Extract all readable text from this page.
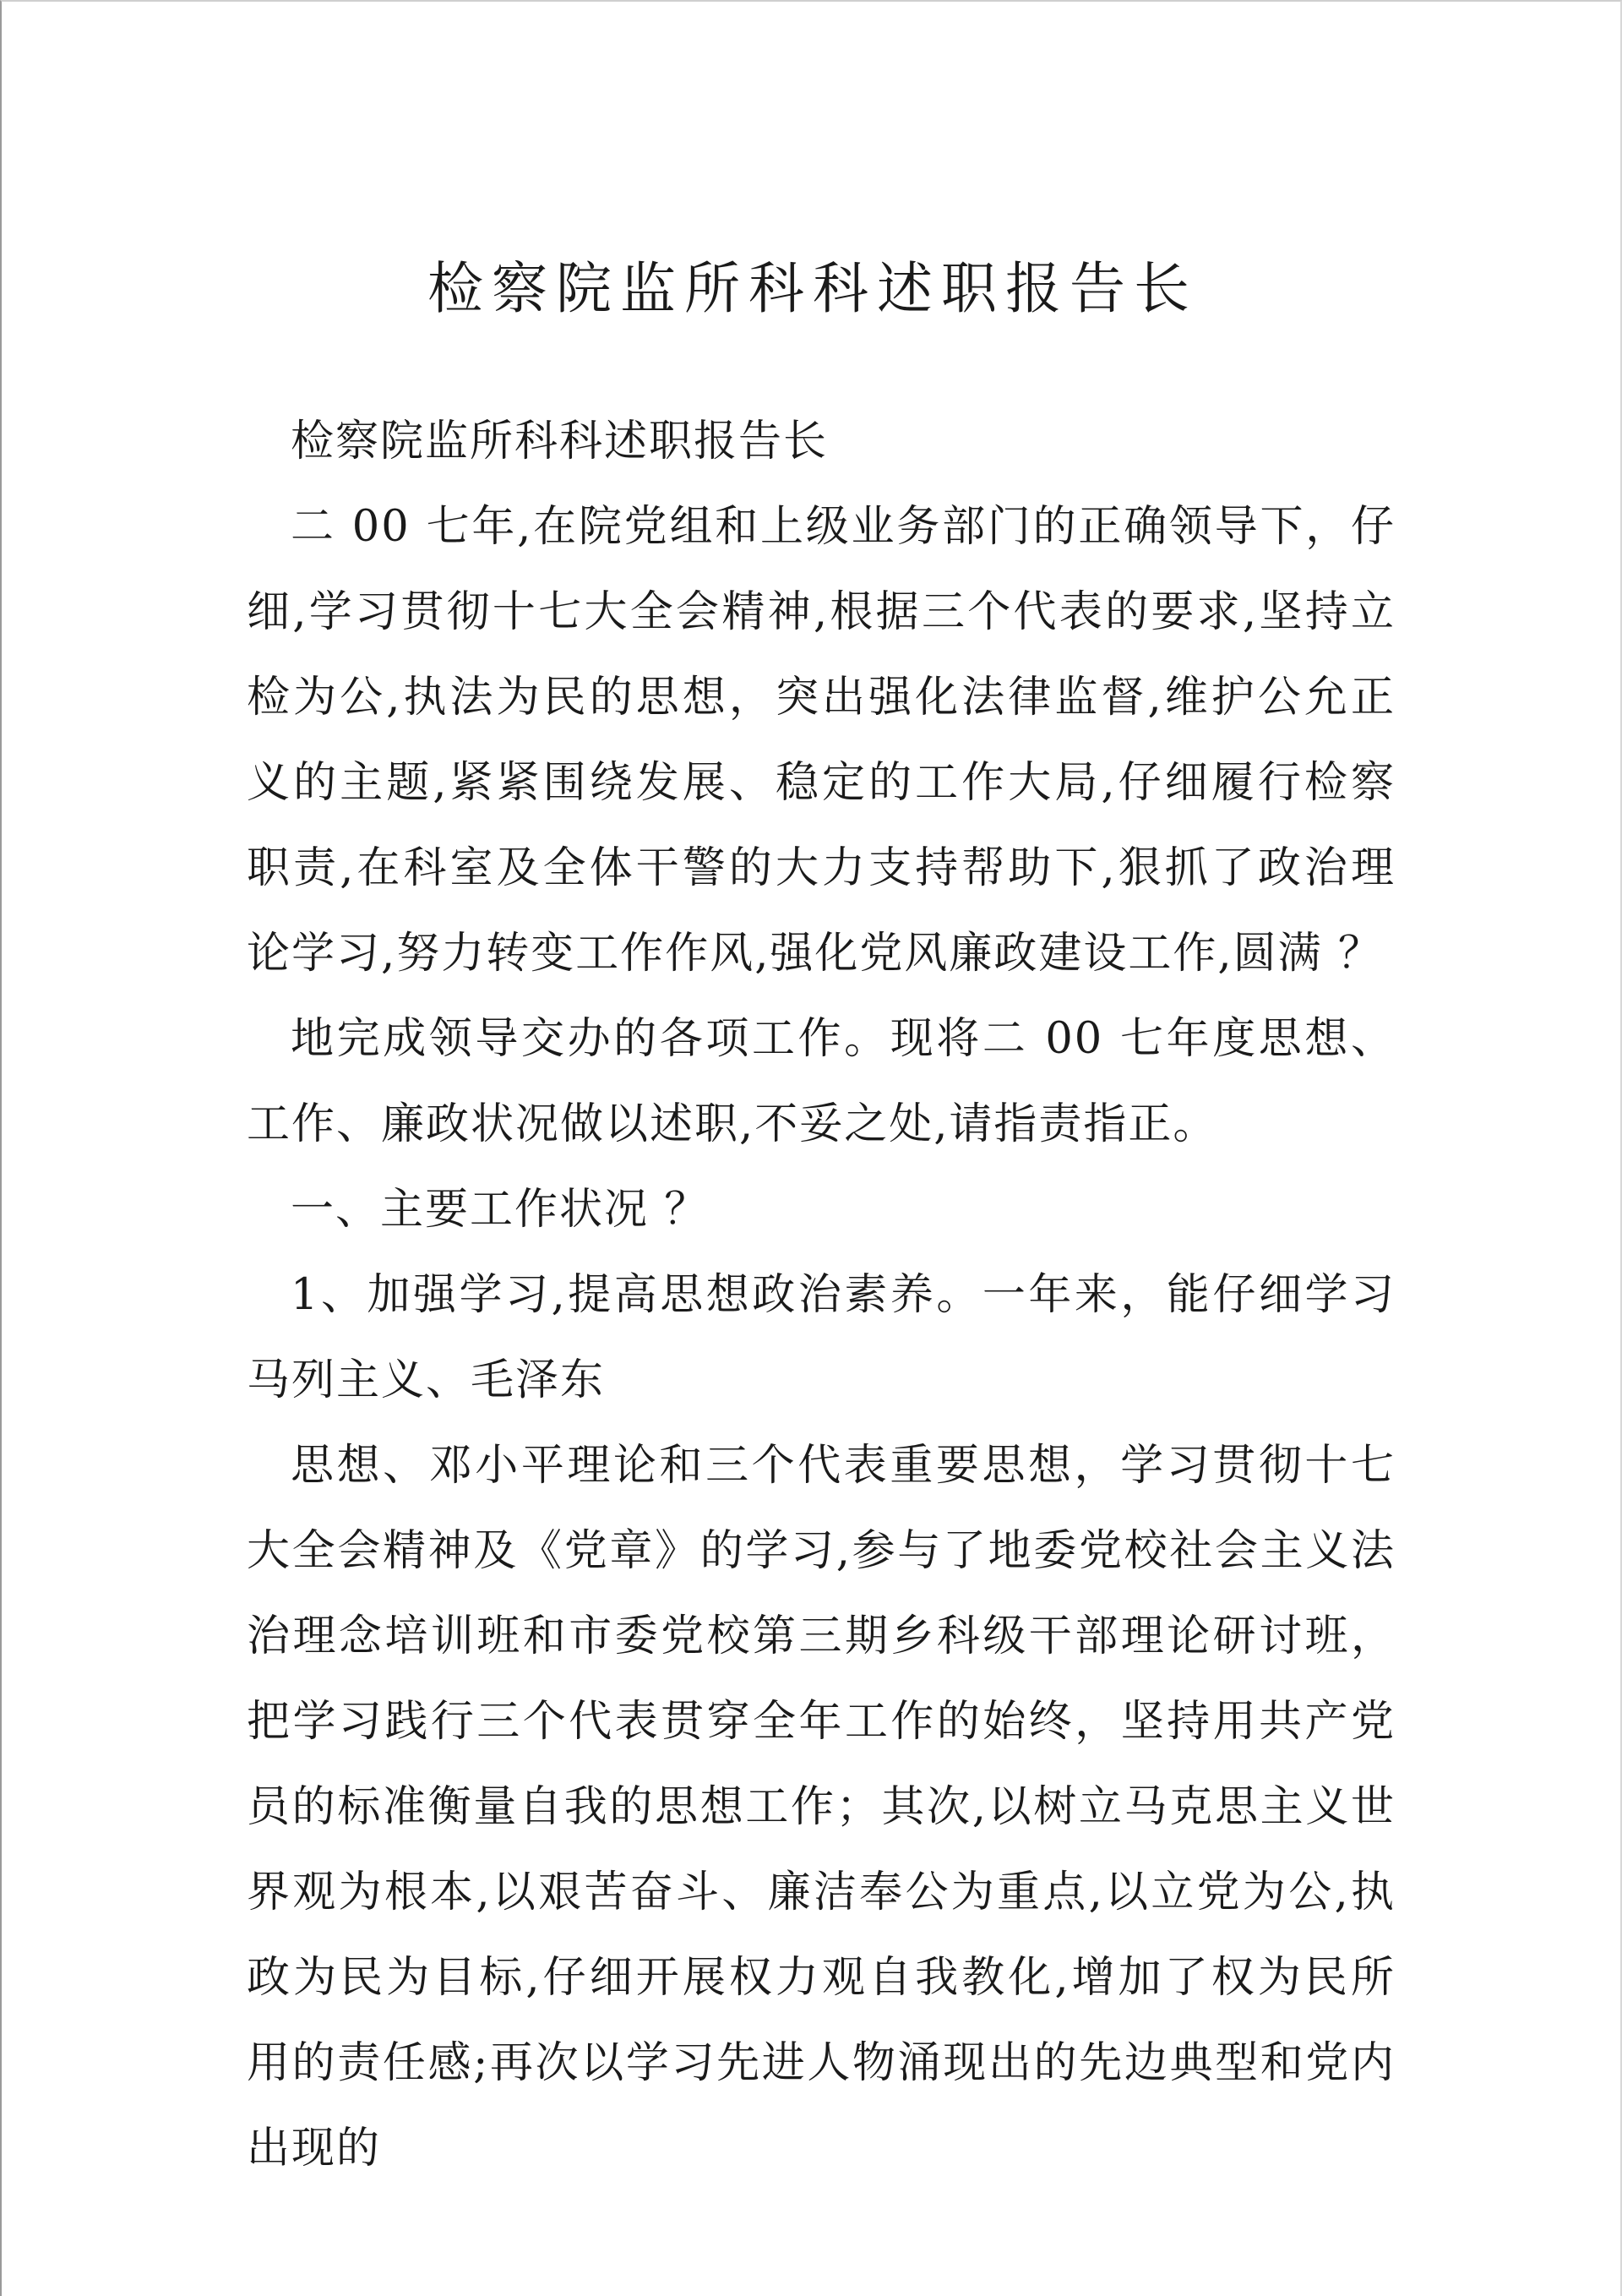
检察院监所科科述职报告长

检察院监所科科述职报告长

二 00 七年,在院党组和上级业务部门的正确领导下，仔细,学习贯彻十七大全会精神,根据三个代表的要求,坚持立检为公,执法为民的思想，突出强化法律监督,维护公允正义的主题,紧紧围绕发展、稳定的工作大局,仔细履行检察职责,在科室及全体干警的大力支持帮助下,狠抓了政治理论学习,努力转变工作作风,强化党风廉政建设工作,圆满 ？

地完成领导交办的各项工作。现将二 00 七年度思想、工作、廉政状况做以述职,不妥之处,请指责指正。

一、主要工作状况 ？

1、加强学习,提高思想政治素养。一年来，能仔细学习马列主义、毛泽东

思想、邓小平理论和三个代表重要思想，学习贯彻十七大全会精神及《党章》的学习,参与了地委党校社会主义法治理念培训班和市委党校第三期乡科级干部理论研讨班，把学习践行三个代表贯穿全年工作的始终，坚持用共产党员的标准衡量自我的思想工作；其次,以树立马克思主义世界观为根本,以艰苦奋斗、廉洁奉公为重点,以立党为公,执政为民为目标,仔细开展权力观自我教化,增加了权为民所用的责任感;再次以学习先进人物涌现出的先边典型和党内出现的
